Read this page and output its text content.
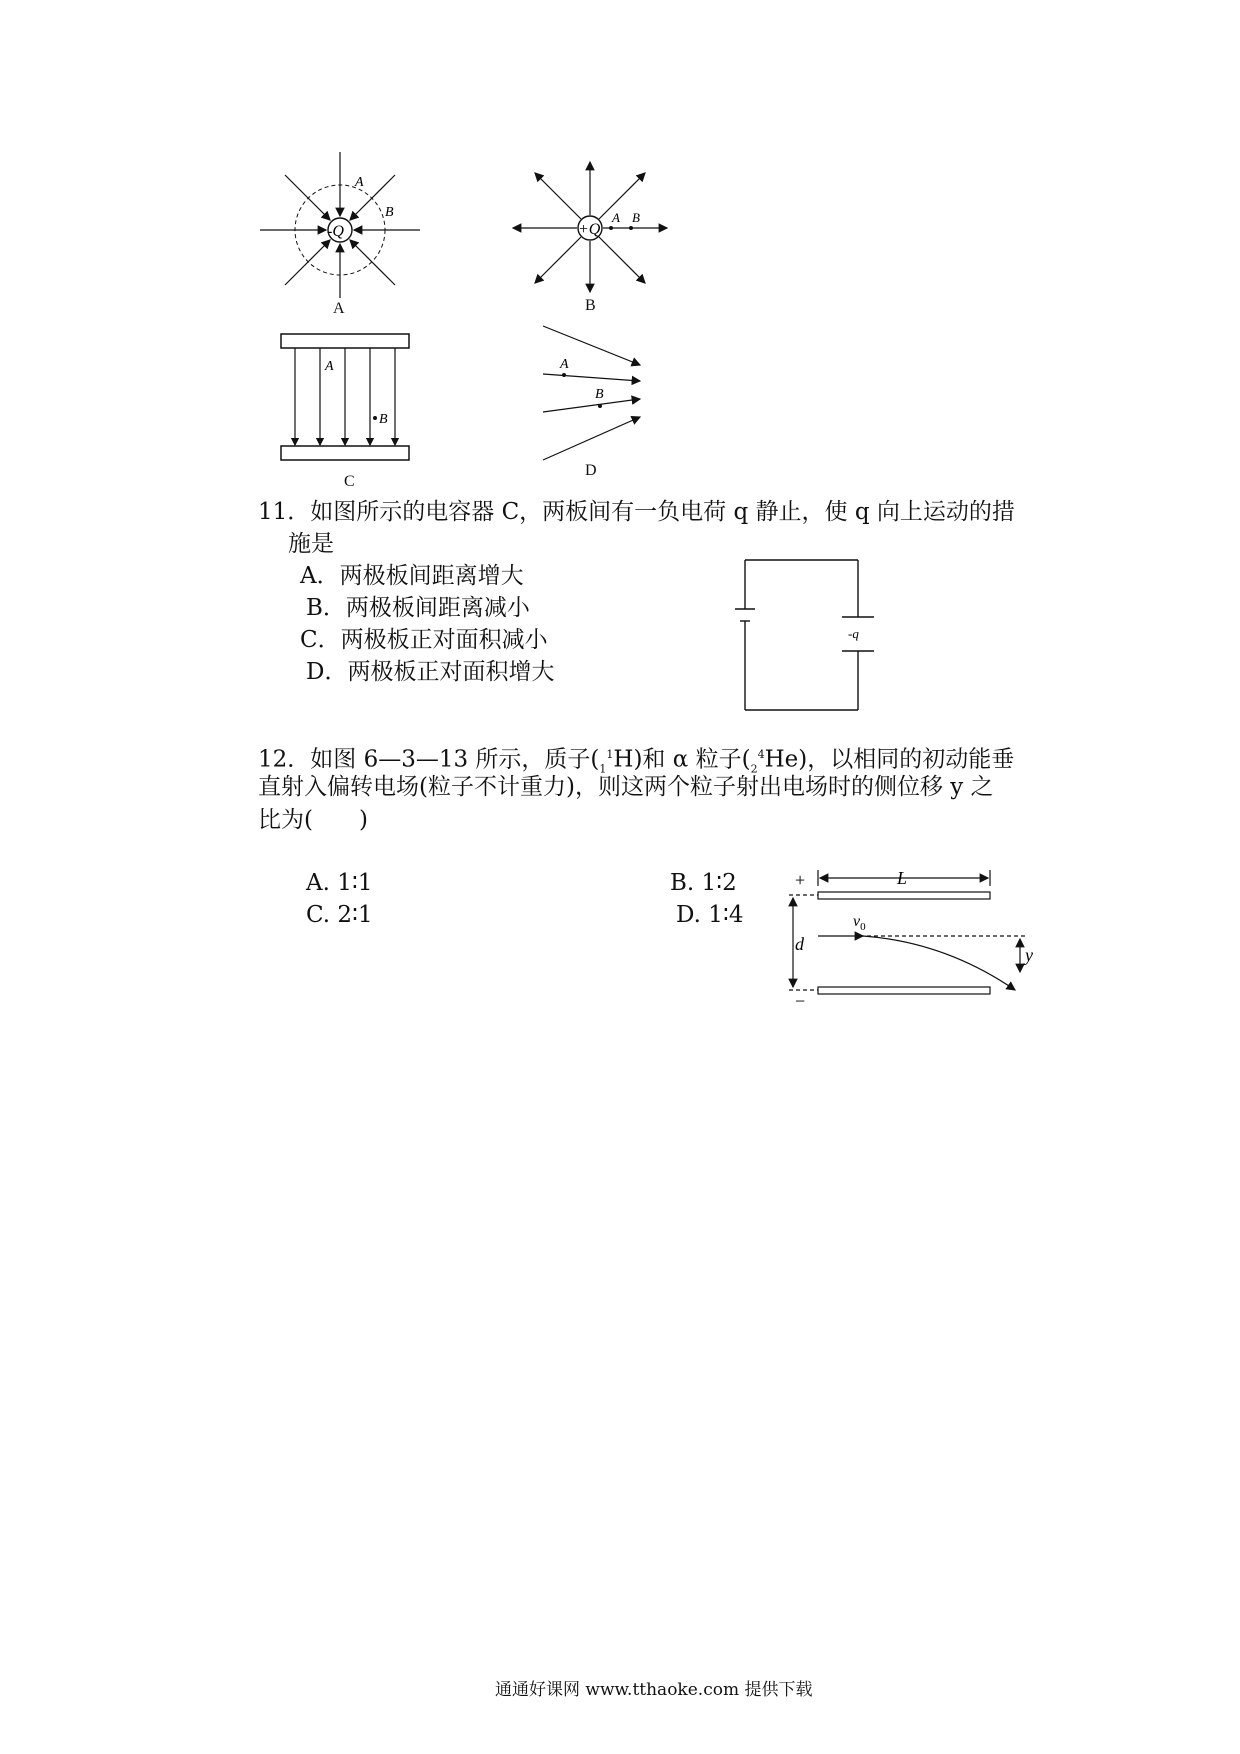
-Q
A
B
A
+Q
A B
B
A
B
C
A
B
D
11．如图所示的电容器 C，两板间有一负电荷 q 静止，使 q 向上运动的措
施是
A．两极板间距离增大
B．两极板间距离减小
C．两极板正对面积减小
D．两极板正对面积增大
-q
12．如图 6—3—13 所示，质子$(_1^1H)$和 α 粒子$(_2^4He)$，以相同的初动能垂
直射入偏转电场(粒子不计重力)，则这两个粒子射出电场时的侧位移 y 之
比为(　　)
A. 1∶1	B. 1∶2
C. 2∶1	D. 1∶4
+
−
L
d
$v_0$
y
通通好课网 www.tthaoke.com 提供下载
